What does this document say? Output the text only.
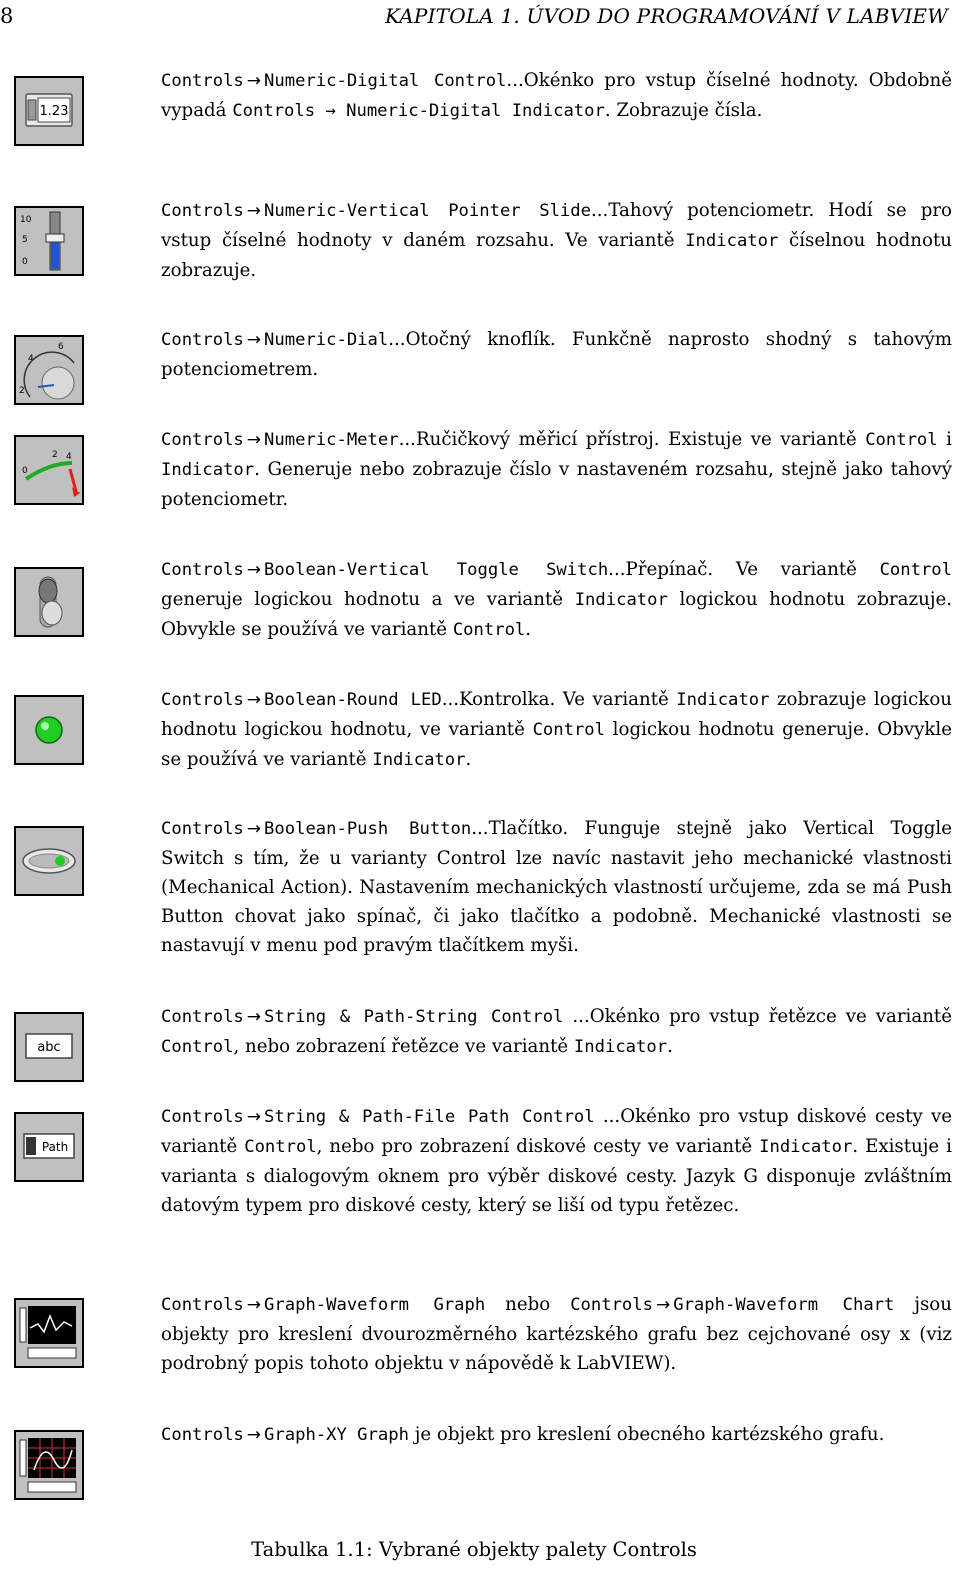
8	KAPITOLA 1. ÚVOD DO PROGRAMOVÁNÍ V LABVIEW
1.23
Controls → Numeric-Digital Control...Okénko pro vstup číselné hodnoty. Obdobně vypadá Controls → Numeric-Digital Indicator. Zobrazuje čísla.
10
5
0
Controls → Numeric-Vertical Pointer Slide...Tahový potenciometr. Hodí se pro vstup číselné hodnoty v daném rozsahu. Ve variantě Indicator číselnou hodnotu zobrazuje.
2
4
6	Controls → Numeric-Dial...Otočný knoflík. Funkčně naprosto shodný s tahovým potenciometrem.
0
2 4
Controls → Numeric-Meter...Ručičkový měřicí přístroj. Existuje ve variantě Control i Indicator. Generuje nebo zobrazuje číslo v nastaveném rozsahu, stejně jako tahový potenciometr.
Controls → Boolean-Vertical Toggle Switch...Přepínač. Ve variantě Control generuje logickou hodnotu a ve variantě Indicator logickou hodnotu zobrazuje. Obvykle se používá ve variantě Control.
Controls → Boolean-Round LED...Kontrolka. Ve variantě Indicator zobrazuje logickou hodnotu logickou hodnotu, ve variantě Control logickou hodnotu generuje. Obvykle se používá ve variantě Indicator.
Controls → Boolean-Push Button...Tlačítko. Funguje stejně jako Vertical Toggle Switch s tím, že u varianty Control lze navíc nastavit jeho mechanické vlastnosti (Mechanical Action). Nastavením mechanických vlastností určujeme, zda se má Push Button chovat jako spínač, či jako tlačítko a podobně. Mechanické vlastnosti se nastavují v menu pod pravým tlačítkem myši.
abc
Controls → String & Path-String Control ...Okénko pro vstup řetězce ve variantě Control, nebo zobrazení řetězce ve variantě Indicator.
Path
Controls → String & Path-File Path Control ...Okénko pro vstup diskové cesty ve variantě Control, nebo pro zobrazení diskové cesty ve variantě Indicator. Existuje i varianta s dialogovým oknem pro výběr diskové cesty. Jazyk G disponuje zvláštním datovým typem pro diskové cesty, který se liší od typu řetězec.
Controls → Graph-Waveform Graph nebo Controls → Graph-Waveform Chart jsou objekty pro kreslení dvourozměrného kartézského grafu bez cejchované osy x (viz podrobný popis tohoto objektu v nápovědě k LabVIEW).
Controls → Graph-XY Graph je objekt pro kreslení obecného kartézského grafu.
Tabulka 1.1: Vybrané objekty palety Controls
